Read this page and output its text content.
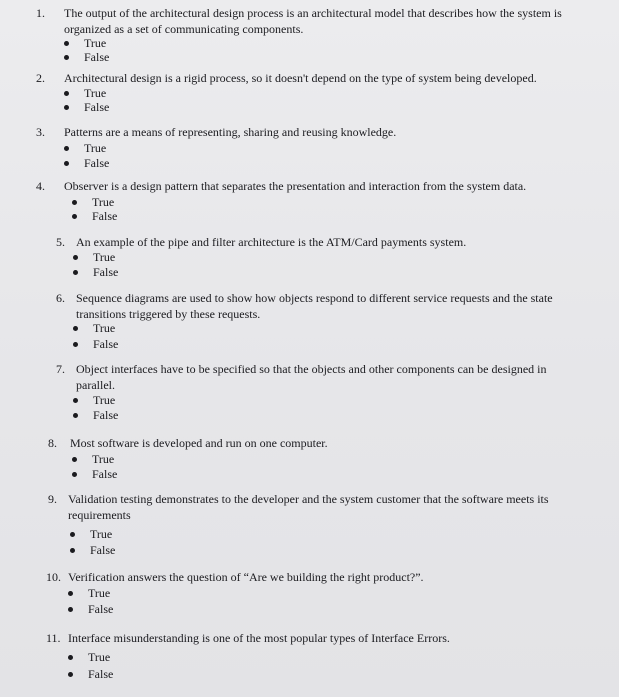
1. The output of the architectural design process is an architectural model that describes how the system is organized as a set of communicating components.
True
False
2. Architectural design is a rigid process, so it doesn't depend on the type of system being developed.
True
False
3. Patterns are a means of representing, sharing and reusing knowledge.
True
False
4. Observer is a design pattern that separates the presentation and interaction from the system data.
True
False
5. An example of the pipe and filter architecture is the ATM/Card payments system.
True
False
6. Sequence diagrams are used to show how objects respond to different service requests and the state transitions triggered by these requests.
True
False
7. Object interfaces have to be specified so that the objects and other components can be designed in parallel.
True
False
8. Most software is developed and run on one computer.
True
False
9. Validation testing demonstrates to the developer and the system customer that the software meets its requirements
True
False
10. Verification answers the question of “Are we building the right product?”.
True
False
11. Interface misunderstanding is one of the most popular types of Interface Errors.
True
False
